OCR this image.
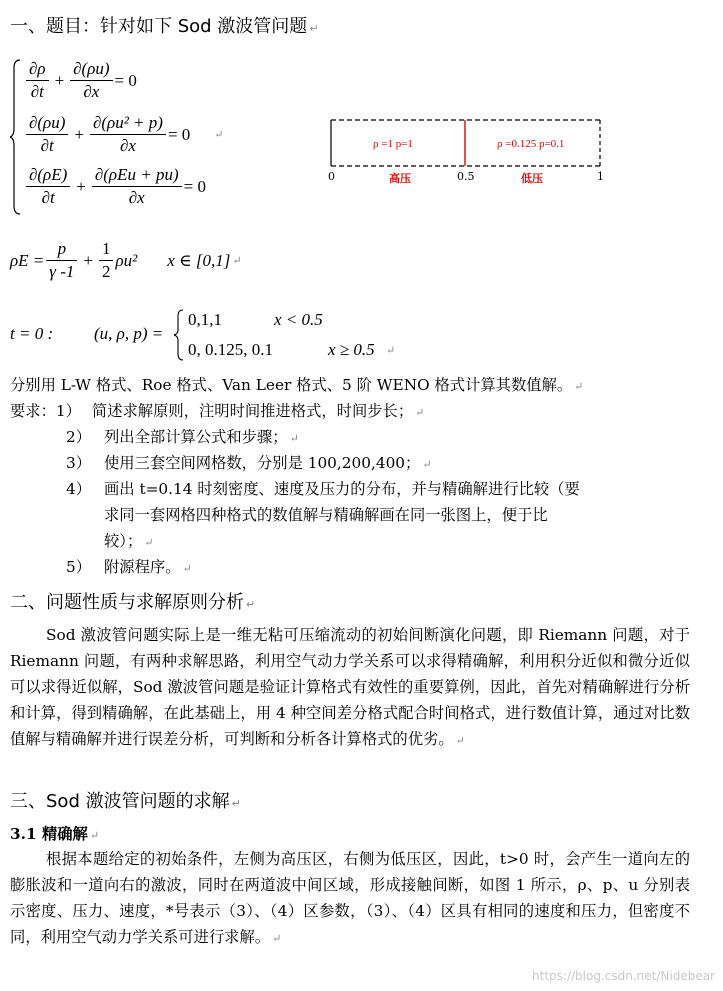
一、题目：针对如下 Sod 激波管问题 ↵
$\frac{\partial\rho}{\partial t} + \frac{\partial(\rho u)}{\partial x} = 0$
$\frac{\partial(\rho u)}{\partial t} + \frac{\text{∂(ρu² + p)}}{\partial x} = 0$ ↵
$\frac{\partial(\rho E)}{\partial t} + \frac{\text{∂(ρEu + pu)}}{\partial x} = 0$
ρ =1 p=1	ρ =0.125 p=0.1
0	0.5	1
高压	低压
$\rho E = \frac{p}{\gamma -1} + \frac{1}{2} \rho u^2$ x ∈ [0,1] ↵
t = 0 : (u, ρ, p) =
0,1,1	x < 0.5
0, 0.125, 0.1	x ≥ 0.5 ↵
分别用 L-W 格式、Roe 格式、Van Leer 格式、5 阶 WENO 格式计算其数值解。 ↵
要求：1） 简述求解原则，注明时间推进格式，时间步长； ↵
2） 列出全部计算公式和步骤； ↵
3） 使用三套空间网格数，分别是 100,200,400； ↵
4） 画出 t=0.14 时刻密度、速度及压力的分布，并与精确解进行比较（要
求同一套网格四种格式的数值解与精确解画在同一张图上，便于比
较）； ↵
5） 附源程序。 ↵
二、问题性质与求解原则分析 ↵
Sod 激波管问题实际上是一维无粘可压缩流动的初始间断演化问题，即 Riemann 问题，对于 Riemann 问题，有两种求解思路，利用空气动力学关系可以求得精确解，利用积分近似和微分近似可以求得近似解，Sod 激波管问题是验证计算格式有效性的重要算例，因此，首先对精确解进行分析和计算，得到精确解，在此基础上，用 4 种空间差分格式配合时间格式，进行数值计算，通过对比数值解与精确解并进行误差分析，可判断和分析各计算格式的优劣。 ↵
三、Sod 激波管问题的求解 ↵
3.1 精确解 ↵
根据本题给定的初始条件，左侧为高压区，右侧为低压区，因此，t>0 时，会产生一道向左的膨胀波和一道向右的激波，同时在两道波中间区域，形成接触间断，如图 1 所示，ρ、p、u 分别表示密度、压力、速度，*号表示（3）、（4）区参数，（3）、（4）区具有相同的速度和压力，但密度不同，利用空气动力学关系可进行求解。 ↵
https://blog.csdn.net/Nidebear
